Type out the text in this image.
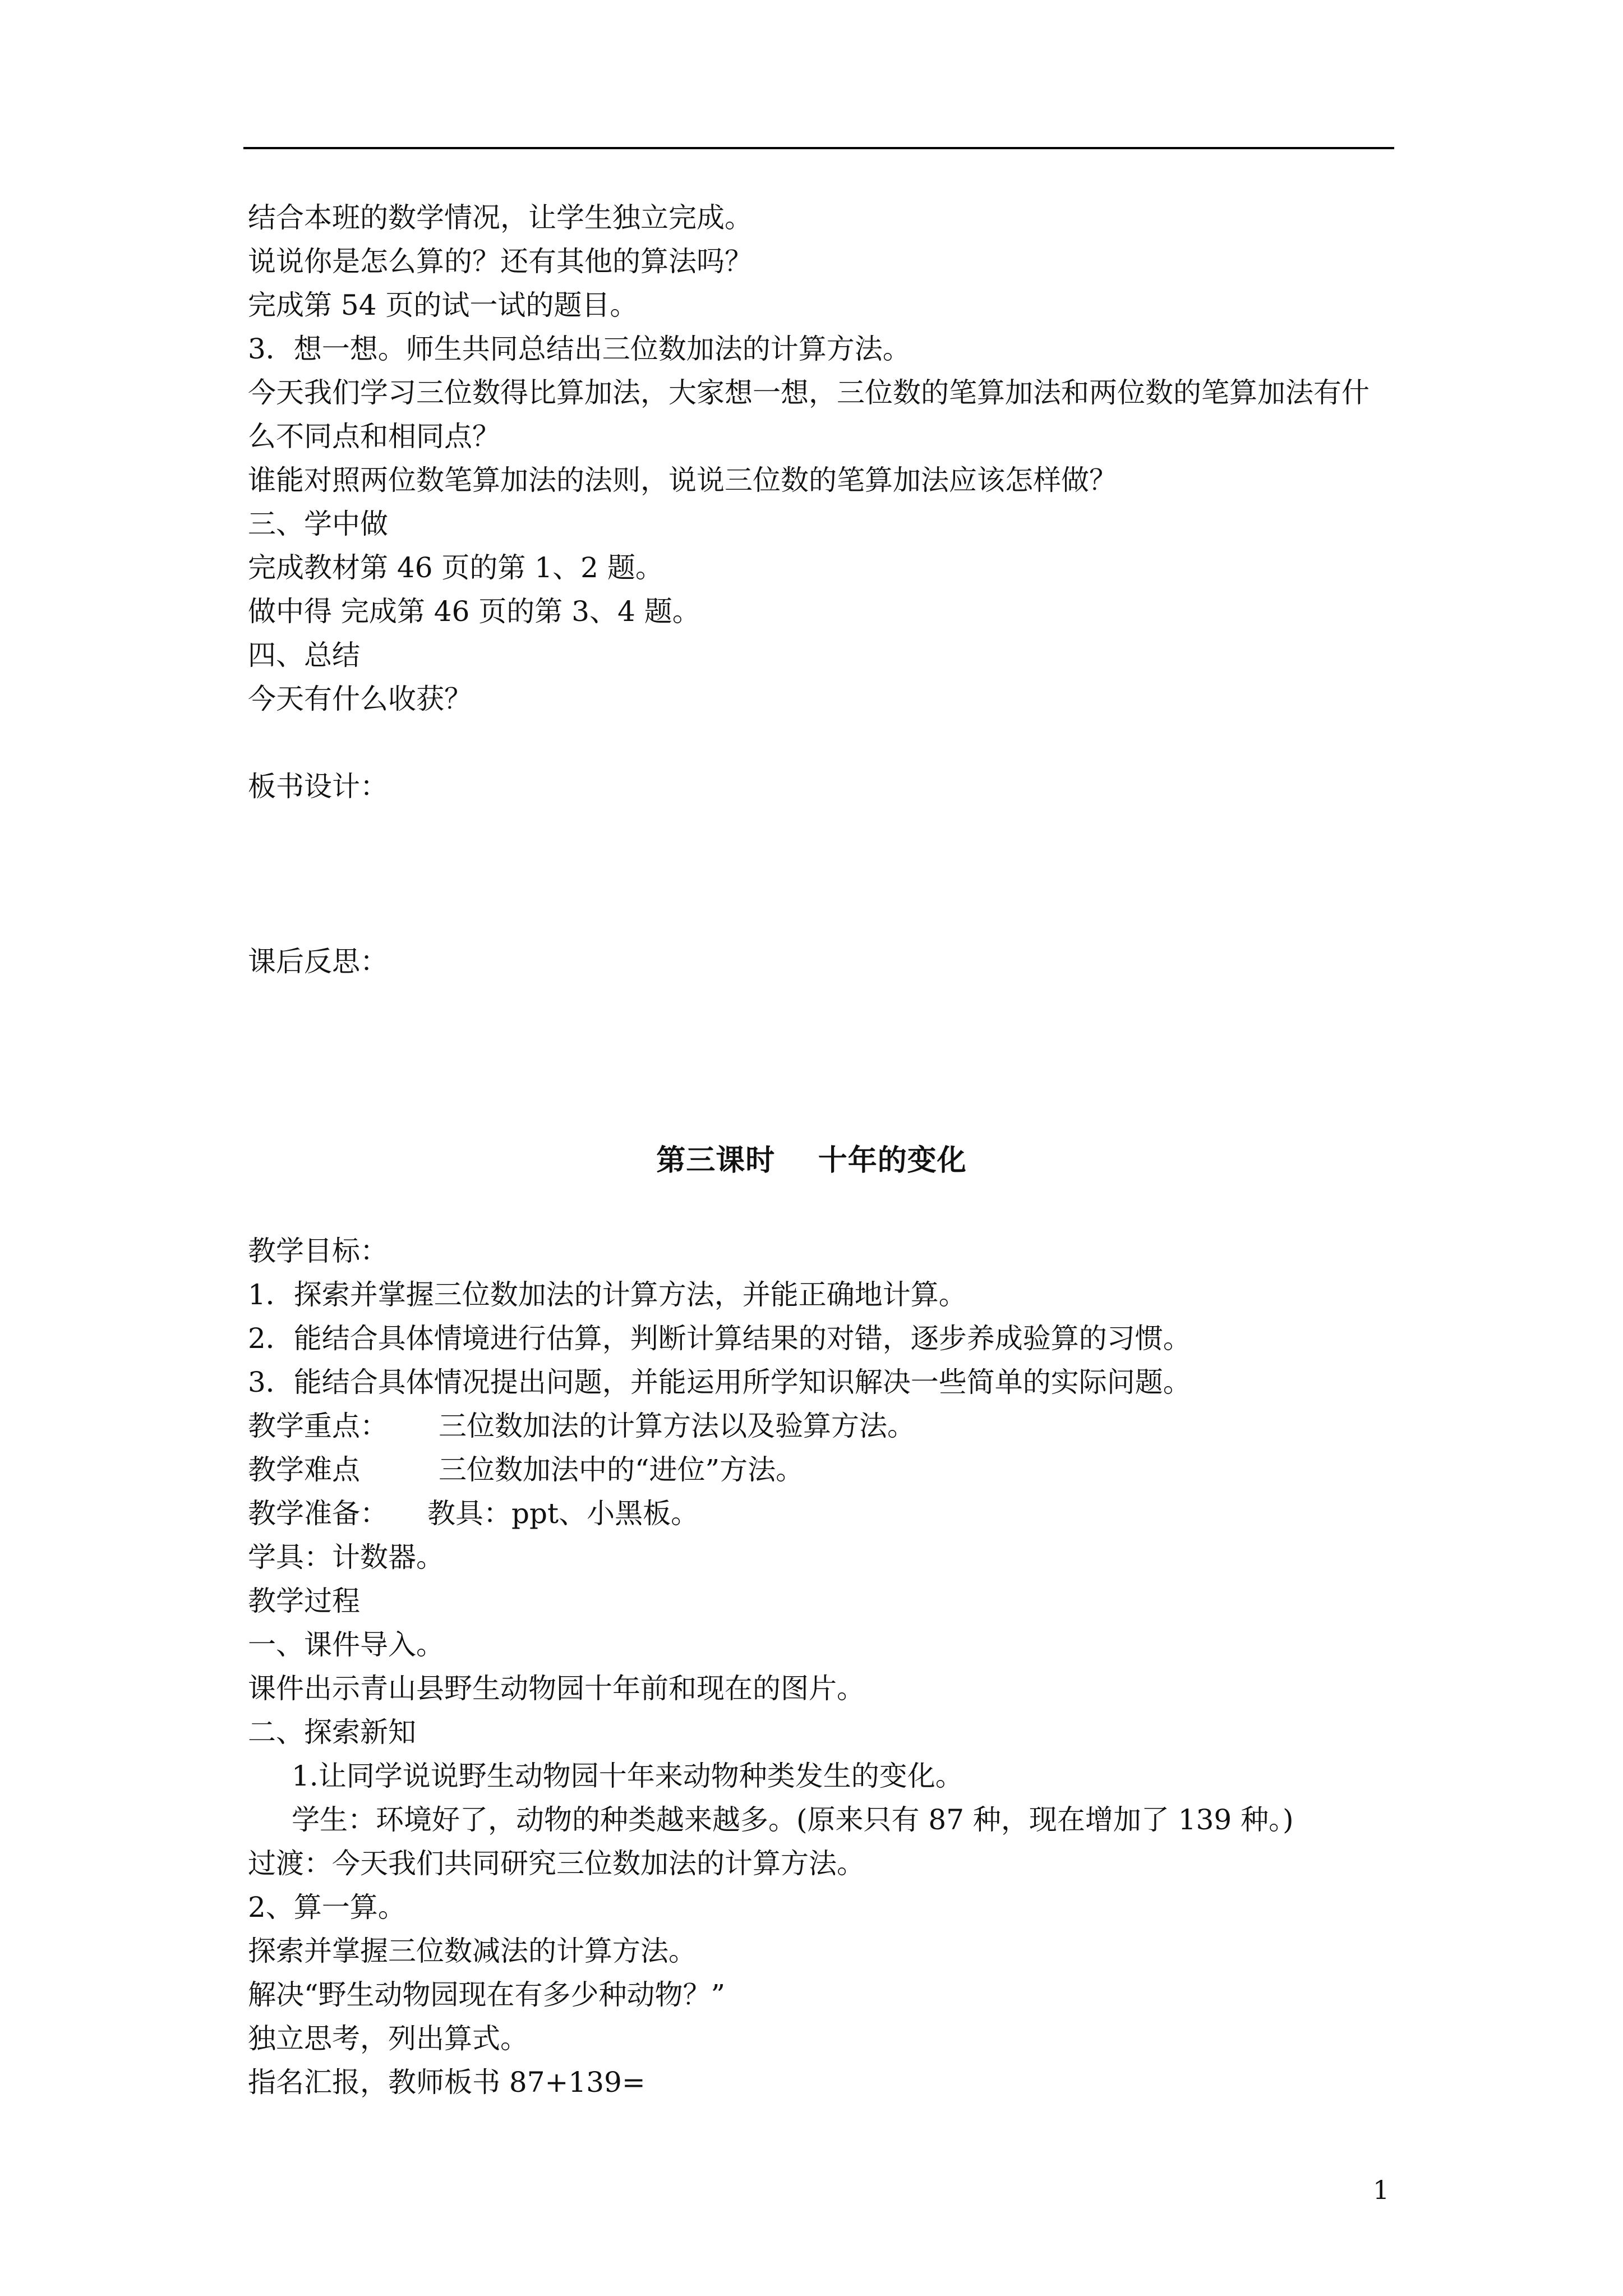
结合本班的数学情况，让学生独立完成。
说说你是怎么算的？还有其他的算法吗？
完成第 54 页的试一试的题目。
3．想一想。师生共同总结出三位数加法的计算方法。
今天我们学习三位数得比算加法，大家想一想，三位数的笔算加法和两位数的笔算加法有什
么不同点和相同点？
谁能对照两位数笔算加法的法则，说说三位数的笔算加法应该怎样做？
三、学中做
完成教材第 46 页的第 1、2 题。
做中得 完成第 46 页的第 3、4 题。
四、总结
今天有什么收获？
板书设计：
课后反思：
第三课时    十年的变化
教学目标：
1．探索并掌握三位数加法的计算方法，并能正确地计算。
2．能结合具体情境进行估算，判断计算结果的对错，逐步养成验算的习惯。
3．能结合具体情况提出问题，并能运用所学知识解决一些简单的实际问题。
教学重点： 三位数加法的计算方法以及验算方法。
教学难点	三位数加法中的“进位”方法。
教学准备： 教具：ppt、小黑板。
学具：计数器。
教学过程
一、课件导入。
课件出示青山县野生动物园十年前和现在的图片。
二、探索新知
1.让同学说说野生动物园十年来动物种类发生的变化。
学生：环境好了，动物的种类越来越多。(原来只有 87 种，现在增加了 139 种。)
过渡：今天我们共同研究三位数加法的计算方法。
2、算一算。
探索并掌握三位数减法的计算方法。
解决“野生动物园现在有多少种动物？”
独立思考，列出算式。
指名汇报，教师板书 87+139=
1
